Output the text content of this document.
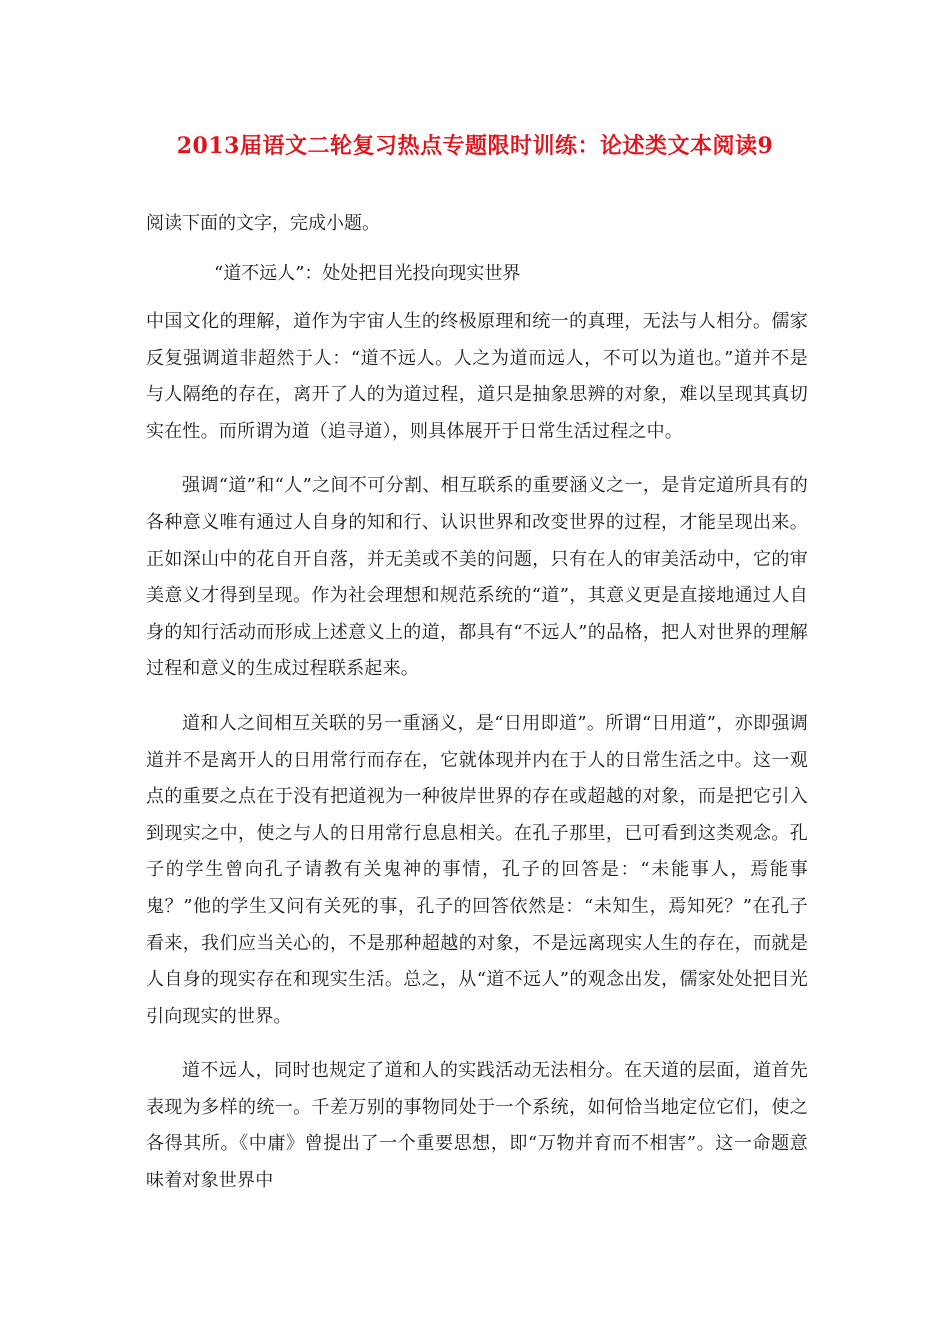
2013届语文二轮复习热点专题限时训练：论述类文本阅读9

阅读下面的文字，完成小题。

“道不远人”：处处把目光投向现实世界

中国文化的理解，道作为宇宙人生的终极原理和统一的真理，无法与人相分。儒家反复强调道非超然于人：“道不远人。人之为道而远人，不可以为道也。”道并不是与人隔绝的存在，离开了人的为道过程，道只是抽象思辨的对象，难以呈现其真切实在性。而所谓为道（追寻道），则具体展开于日常生活过程之中。

强调“道”和“人”之间不可分割、相互联系的重要涵义之一，是肯定道所具有的各种意义唯有通过人自身的知和行、认识世界和改变世界的过程，才能呈现出来。正如深山中的花自开自落，并无美或不美的问题，只有在人的审美活动中，它的审美意义才得到呈现。作为社会理想和规范系统的“道”，其意义更是直接地通过人自身的知行活动而形成上述意义上的道，都具有“不远人”的品格，把人对世界的理解过程和意义的生成过程联系起来。

道和人之间相互关联的另一重涵义，是“日用即道”。所谓“日用道”，亦即强调道并不是离开人的日用常行而存在，它就体现并内在于人的日常生活之中。这一观点的重要之点在于没有把道视为一种彼岸世界的存在或超越的对象，而是把它引入到现实之中，使之与人的日用常行息息相关。在孔子那里，已可看到这类观念。孔子的学生曾向孔子请教有关鬼神的事情，孔子的回答是：“未能事人，焉能事鬼？”他的学生又问有关死的事，孔子的回答依然是：“未知生，焉知死？”在孔子看来，我们应当关心的，不是那种超越的对象，不是远离现实人生的存在，而就是人自身的现实存在和现实生活。总之，从“道不远人”的观念出发，儒家处处把目光引向现实的世界。

道不远人，同时也规定了道和人的实践活动无法相分。在天道的层面，道首先表现为多样的统一。千差万别的事物同处于一个系统，如何恰当地定位它们，使之各得其所。《中庸》曾提出了一个重要思想，即“万物并育而不相害”。这一命题意味着对象世界中
